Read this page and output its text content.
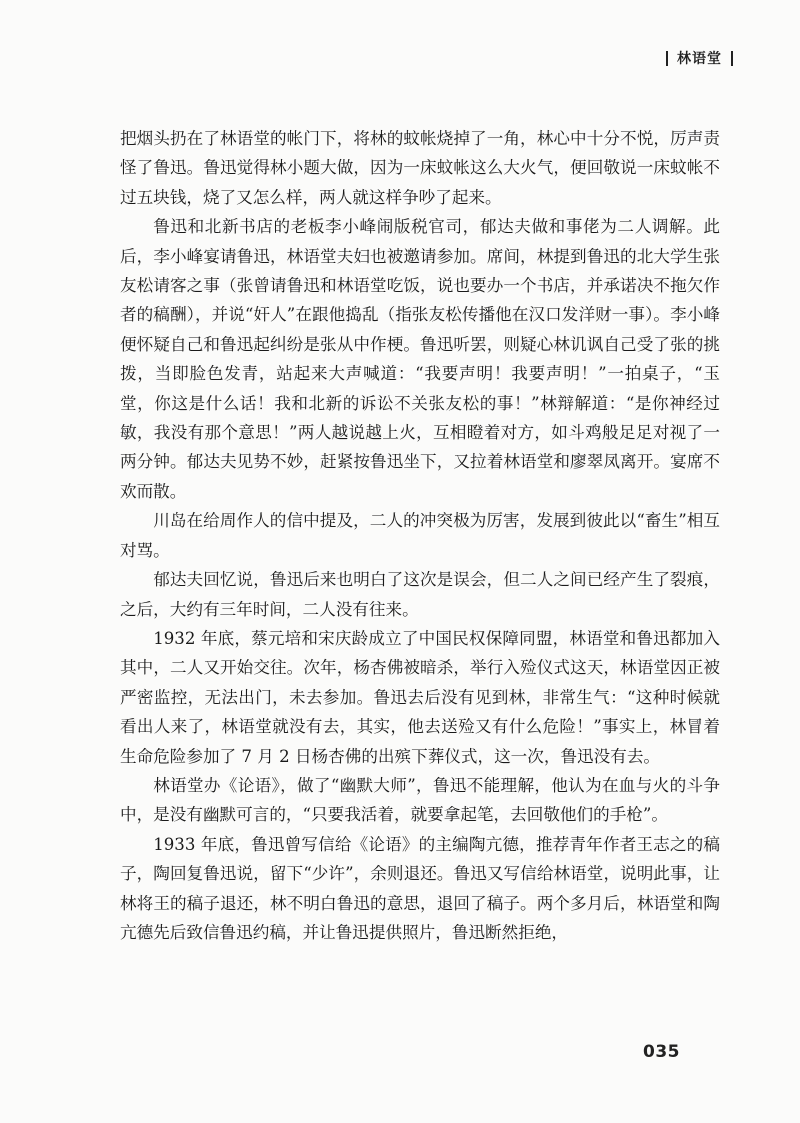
林语堂

把烟头扔在了林语堂的帐门下，将林的蚊帐烧掉了一角，林心中十分不悦，厉声责怪了鲁迅。鲁迅觉得林小题大做，因为一床蚊帐这么大火气，便回敬说一床蚊帐不过五块钱，烧了又怎么样，两人就这样争吵了起来。

鲁迅和北新书店的老板李小峰闹版税官司，郁达夫做和事佬为二人调解。此后，李小峰宴请鲁迅，林语堂夫妇也被邀请参加。席间，林提到鲁迅的北大学生张友松请客之事（张曾请鲁迅和林语堂吃饭，说也要办一个书店，并承诺决不拖欠作者的稿酬），并说“奸人”在跟他捣乱（指张友松传播他在汉口发洋财一事）。李小峰便怀疑自己和鲁迅起纠纷是张从中作梗。鲁迅听罢，则疑心林讥讽自己受了张的挑拨，当即脸色发青，站起来大声喊道：“我要声明！我要声明！”一拍桌子，“玉堂，你这是什么话！我和北新的诉讼不关张友松的事！”林辩解道：“是你神经过敏，我没有那个意思！”两人越说越上火，互相瞪着对方，如斗鸡般足足对视了一两分钟。郁达夫见势不妙，赶紧按鲁迅坐下，又拉着林语堂和廖翠凤离开。宴席不欢而散。

川岛在给周作人的信中提及，二人的冲突极为厉害，发展到彼此以“畜生”相互对骂。

郁达夫回忆说，鲁迅后来也明白了这次是误会，但二人之间已经产生了裂痕，之后，大约有三年时间，二人没有往来。

1932 年底，蔡元培和宋庆龄成立了中国民权保障同盟，林语堂和鲁迅都加入其中，二人又开始交往。次年，杨杏佛被暗杀，举行入殓仪式这天，林语堂因正被严密监控，无法出门，未去参加。鲁迅去后没有见到林，非常生气：“这种时候就看出人来了，林语堂就没有去，其实，他去送殓又有什么危险！”事实上，林冒着生命危险参加了 7 月 2 日杨杏佛的出殡下葬仪式，这一次，鲁迅没有去。

林语堂办《论语》，做了“幽默大师”，鲁迅不能理解，他认为在血与火的斗争中，是没有幽默可言的，“只要我活着，就要拿起笔，去回敬他们的手枪”。

1933 年底，鲁迅曾写信给《论语》的主编陶亢德，推荐青年作者王志之的稿子，陶回复鲁迅说，留下“少许”，余则退还。鲁迅又写信给林语堂，说明此事，让林将王的稿子退还，林不明白鲁迅的意思，退回了稿子。两个多月后，林语堂和陶亢德先后致信鲁迅约稿，并让鲁迅提供照片，鲁迅断然拒绝，

035
